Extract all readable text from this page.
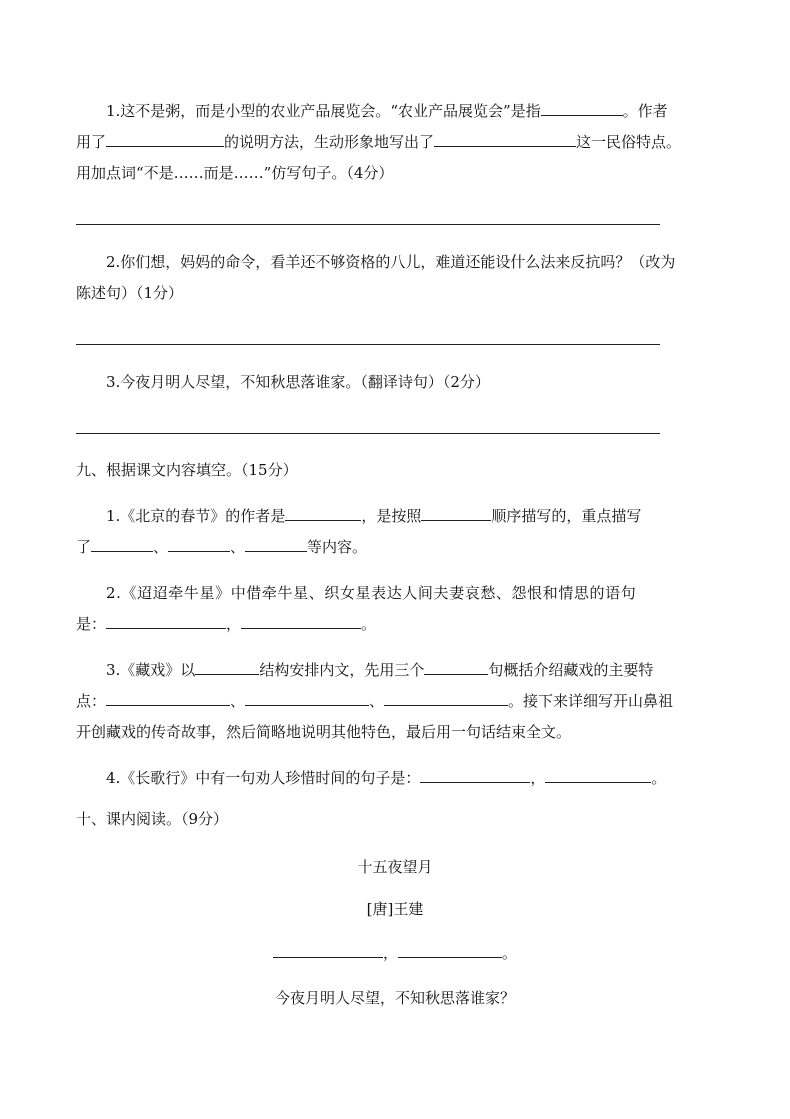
1.这不是粥，而是小型的农业产品展览会。“农业产品展览会”是指	。作者
用了	的说明方法，生动形象地写出了	这一民俗特点。
用加点词“不是……而是……”仿写句子。（4分）
2.你们想，妈妈的命令，看羊还不够资格的八儿，难道还能设什么法来反抗吗？（改为
陈述句）（1分）
3.今夜月明人尽望，不知秋思落谁家。（翻译诗句）（2分）
九、根据课文内容填空。（15分）
1.《北京的春节》的作者是	，是按照	顺序描写的，重点描写
了	、	、	等内容。
2.《迢迢牵牛星》中借牵牛星、织女星表达人间夫妻哀愁、怨恨和情思的语句
是：	，	。
3.《藏戏》以	结构安排内文，先用三个	句概括介绍藏戏的主要特
点：	、	、	。接下来详细写开山鼻祖
开创藏戏的传奇故事，然后简略地说明其他特色，最后用一句话结束全文。
4.《长歌行》中有一句劝人珍惜时间的句子是：	，	。
十、课内阅读。（9分）
十五夜望月
[唐]王建
，	。
今夜月明人尽望，不知秋思落谁家？
